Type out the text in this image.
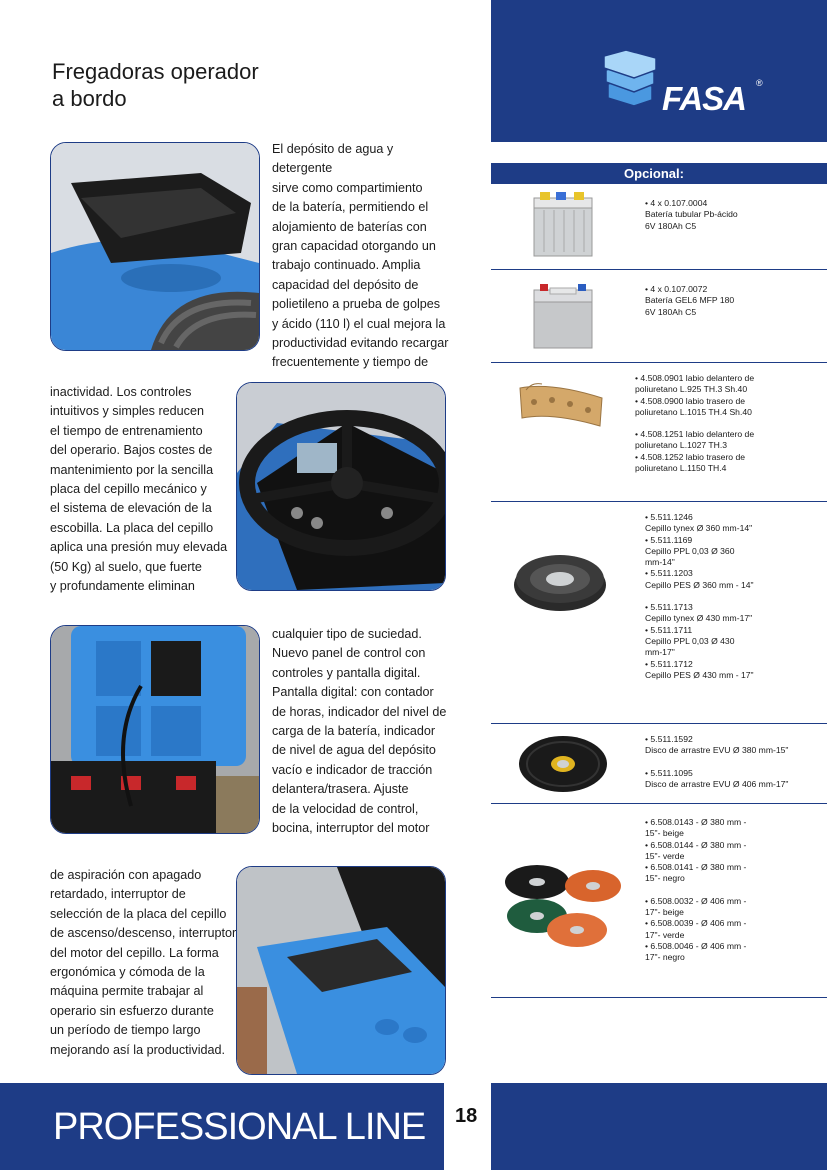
Fregadoras operador
a bordo

El depósito de agua y detergente

sirve como compartimiento

de la batería, permitiendo el

alojamiento de baterías con

gran capacidad otorgando un

trabajo continuado. Amplia

capacidad del depósito de

polietileno a prueba de golpes

y ácido (110 l) el cual mejora la

productividad evitando recargar

frecuentemente y tiempo de

inactividad. Los controles

intuitivos y simples reducen

el tiempo de entrenamiento

del operario. Bajos costes de

mantenimiento por la sencilla

placa del cepillo mecánico y

el sistema de elevación de la

escobilla. La placa del cepillo

aplica una presión muy elevada

(50 Kg) al suelo, que fuerte

y profundamente eliminan

cualquier tipo de suciedad.

Nuevo panel de control con

controles y pantalla digital.

Pantalla digital: con contador

de horas, indicador del nivel de

carga de la batería, indicador

de nivel de agua del depósito

vacío e indicador de tracción

delantera/trasera. Ajuste

de la velocidad de control,

bocina, interruptor del motor

de aspiración con apagado

retardado, interruptor de

selección de la placa del cepillo

de ascenso/descenso, interruptor

del motor del cepillo. La forma

ergonómica y cómoda de la

máquina permite trabajar al

operario sin esfuerzo durante

un período de tiempo largo

mejorando así la productividad.

FASA ®
Opcional:
• 4 x 0.107.0004
Batería tubular Pb-ácido
6V 180Ah C5
• 4 x 0.107.0072
Batería GEL6 MFP 180
6V 180Ah C5
• 4.508.0901 labio delantero de
poliuretano L.925 TH.3 Sh.40
• 4.508.0900 labio trasero de
poliuretano L.1015 TH.4 Sh.40
• 4.508.1251 labio delantero de
poliuretano L.1027 TH.3
• 4.508.1252 labio trasero de
poliuretano L.1150 TH.4
• 5.511.1246
Cepillo tynex Ø 360 mm-14"
• 5.511.1169
Cepillo PPL 0,03 Ø 360
mm-14"
• 5.511.1203
Cepillo PES Ø 360 mm - 14"
• 5.511.1713
Cepillo tynex Ø 430 mm-17"
• 5.511.1711
Cepillo PPL 0,03 Ø 430
mm-17"
• 5.511.1712
Cepillo PES Ø 430 mm - 17"
• 5.511.1592
Disco de arrastre EVU Ø 380 mm-15"
• 5.511.1095
Disco de arrastre EVU Ø 406 mm-17"
• 6.508.0143 - Ø 380 mm -
15"- beige
• 6.508.0144 - Ø 380 mm -
15"- verde
• 6.508.0141 - Ø 380 mm -
15"- negro
• 6.508.0032 - Ø 406 mm -
17"- beige
• 6.508.0039 - Ø 406 mm -
17"- verde
• 6.508.0046 - Ø 406 mm -
17"- negro
PROFESSIONAL LINE 18
